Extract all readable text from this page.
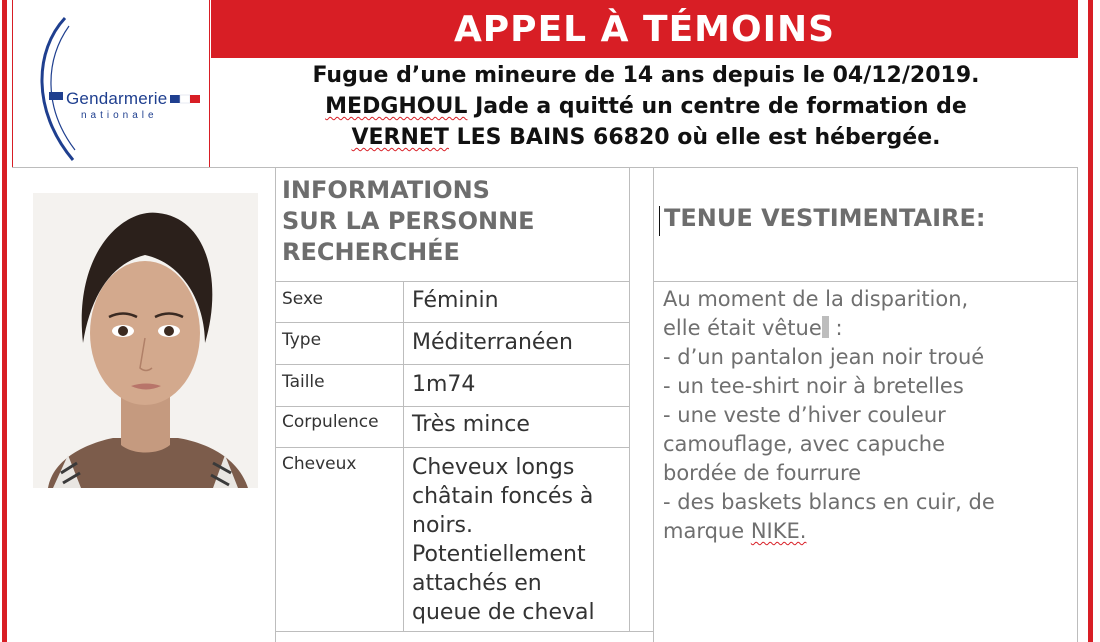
Gendarmerie
nationale
APPEL À TÉMOINS
Fugue d’une mineure de 14 ans depuis le 04/12/2019.
MEDGHOUL Jade a quitté un centre de formation de
VERNET LES BAINS 66820 où elle est hébergée.
INFORMATIONS
SUR LA PERSONNE
RECHERCHÉE
TENUE VESTIMENTAIRE:
Sexe	Féminin
Type	Méditerranéen
Taille	1m74
Corpulence Très mince
Cheveux	Cheveux longs
châtain foncés à
noirs.
Potentiellement
attachés en
queue de cheval
Au moment de la disparition,
elle était vêtue :
- d’un pantalon jean noir troué
- un tee-shirt noir à bretelles
- une veste d’hiver couleur
camouflage, avec capuche
bordée de fourrure
- des baskets blancs en cuir, de
marque NIKE.
